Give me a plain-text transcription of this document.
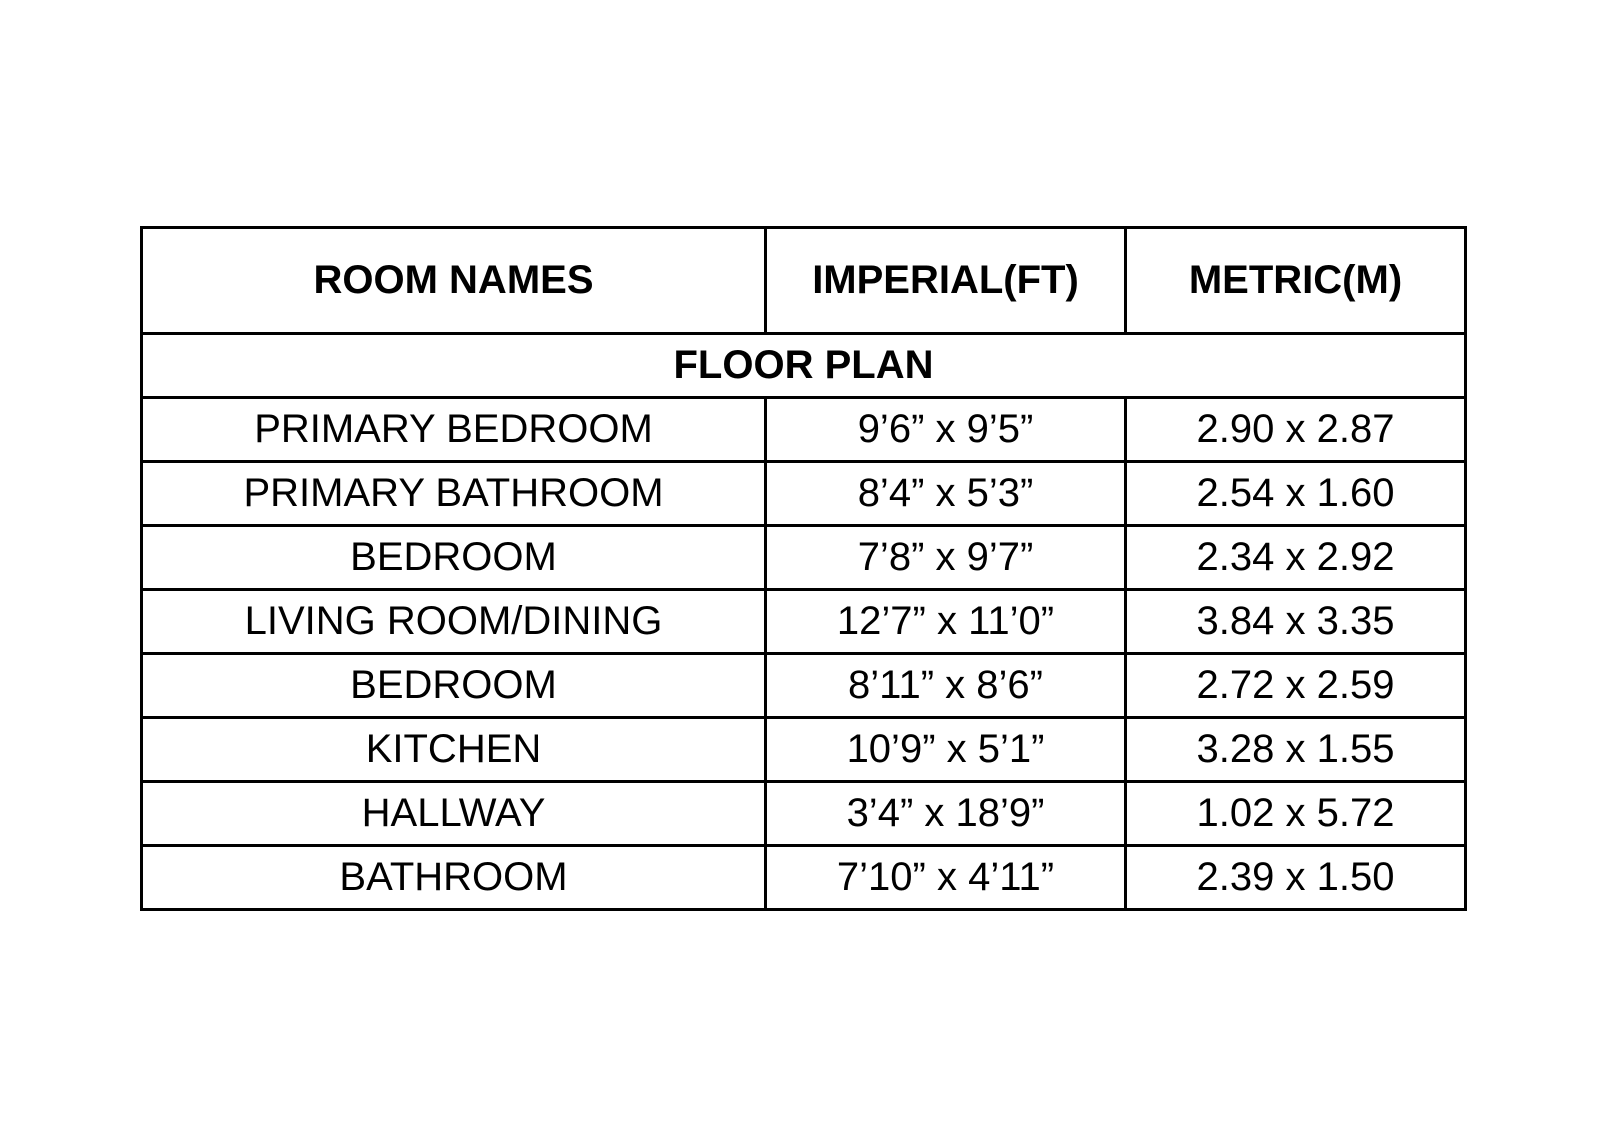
ROOM NAMES	IMPERIAL(FT)	METRIC(M)
FLOOR PLAN		
PRIMARY BEDROOM	9’6” x 9’5”	2.90 x 2.87
PRIMARY BATHROOM	8’4” x 5’3”	2.54 x 1.60
BEDROOM	7’8” x 9’7”	2.34 x 2.92
LIVING ROOM/DINING	12’7” x 11’0”	3.84 x 3.35
BEDROOM	8’11” x 8’6”	2.72 x 2.59
KITCHEN	10’9” x 5’1”	3.28 x 1.55
HALLWAY	3’4” x 18’9”	1.02 x 5.72
BATHROOM	7’10” x 4’11”	2.39 x 1.50
